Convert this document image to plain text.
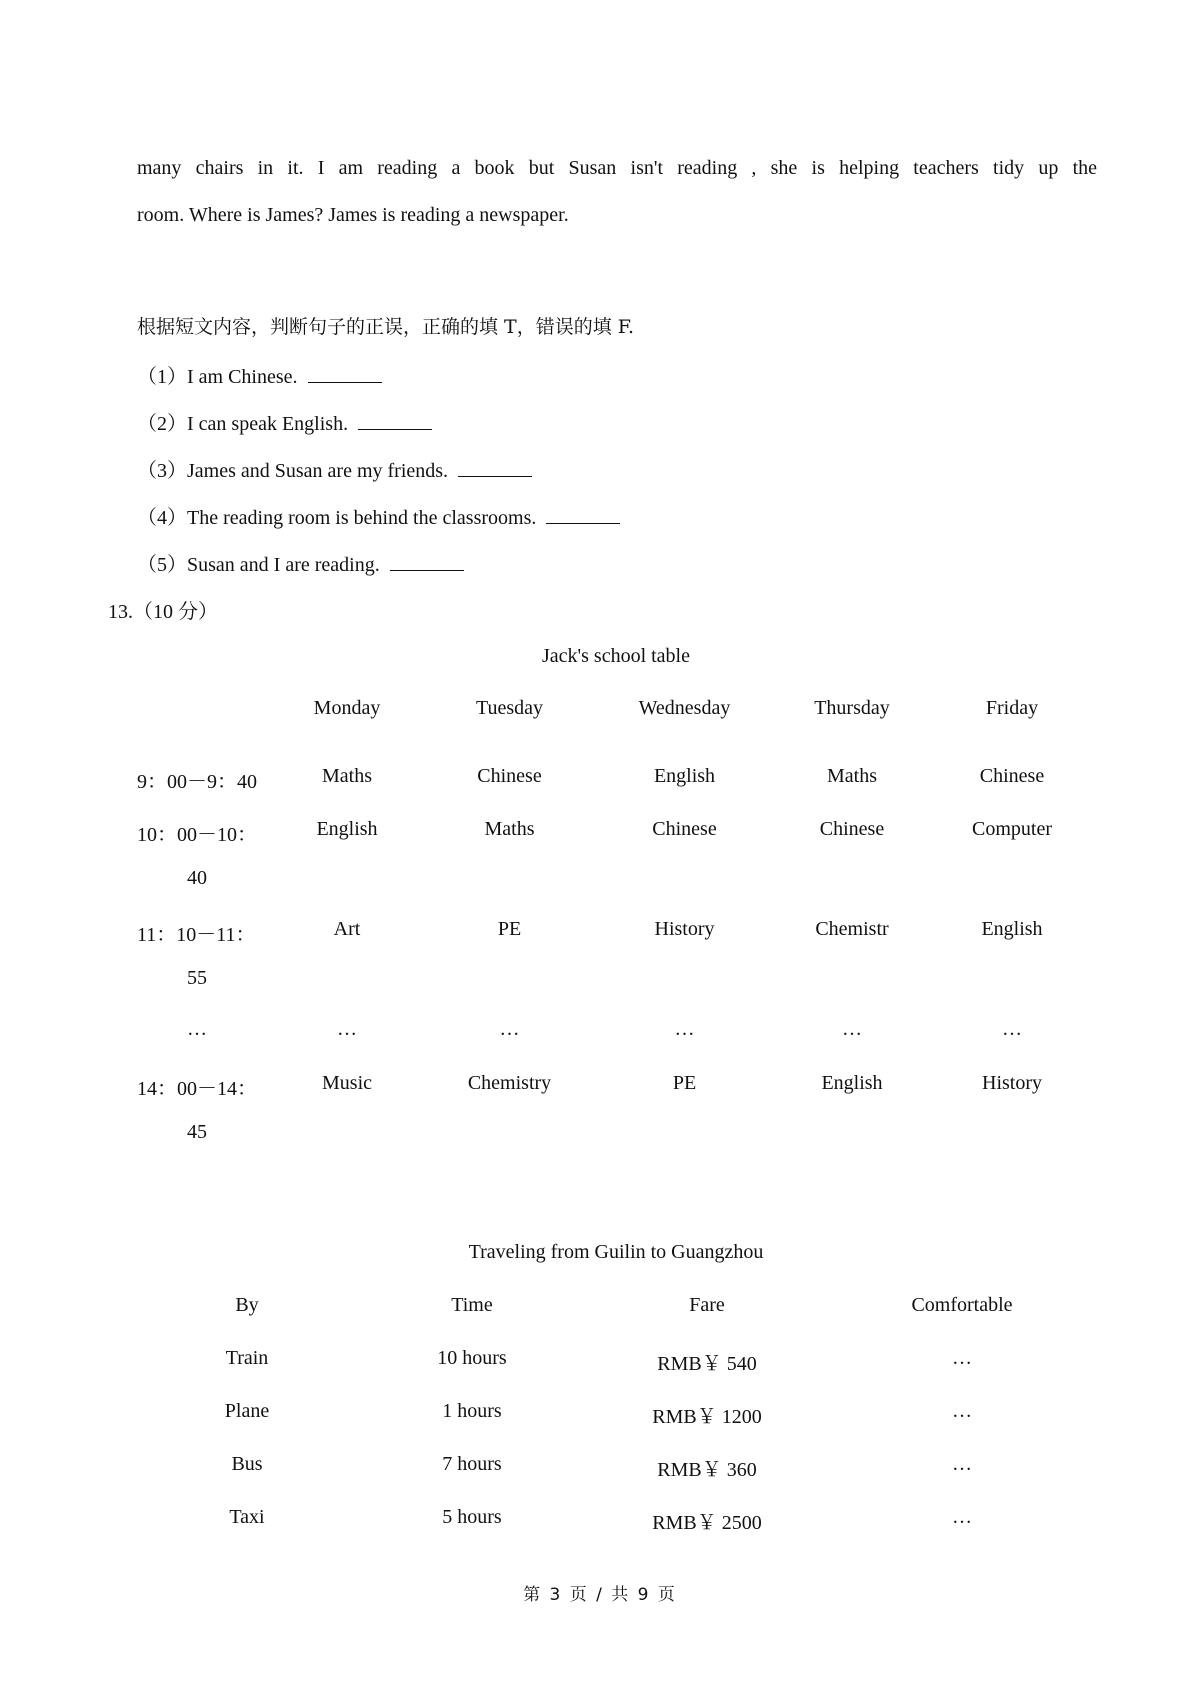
many chairs in it. I am reading a book but Susan isn't reading , she is helping teachers tidy up the
room. Where is James? James is reading a newspaper.
根据短文内容，判断句子的正误，正确的填 T，错误的填 F.
（1）I am Chinese.
（2）I can speak English.
（3）James and Susan are my friends.
（4）The reading room is behind the classrooms.
（5）Susan and I are reading.
13.（10 分）
Jack's school table
	Monday	Tuesday	Wednesday	Thursday	Friday

9：00－9：40	Maths	Chinese	English	Maths	Chinese

10：00－10：
40	English	Maths	Chinese	Chinese	Computer

11：10－11：
55	Art	PE	History	Chemistr	English

…	…	…	…	…	…

14：00－14：
45	Music	Chemistry	PE	English	History
Traveling from Guilin to Guangzhou
By	Time	Fare	Comfortable
Train	10 hours	RMB￥ 540	…
Plane	1 hours	RMB￥ 1200	…
Bus	7 hours	RMB￥ 360	…
Taxi	5 hours	RMB￥ 2500	…
第 3 页 / 共 9 页
